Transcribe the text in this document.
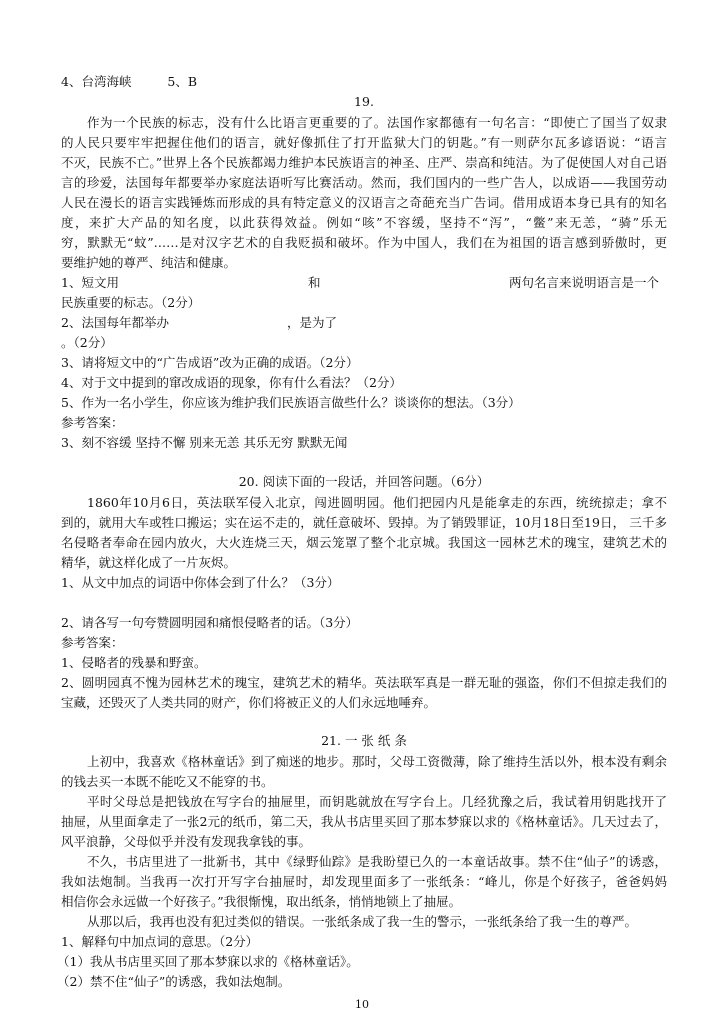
4、台湾海峡	5、B
19.
作为一个民族的标志，没有什么比语言更重要的了。法国作家都德有一句名言：“即使亡了国当了奴隶
的人民只要牢牢把握住他们的语言，就好像抓住了打开监狱大门的钥匙。”有一则萨尔瓦多谚语说：“语言
不灭，民族不亡。”世界上各个民族都竭力维护本民族语言的神圣、庄严、崇高和纯洁。为了促使国人对自己语
言的珍爱，法国每年都要举办家庭法语听写比赛活动。然而，我们国内的一些广告人，以成语——我国劳动
人民在漫长的语言实践锤炼而形成的具有特定意义的汉语言之奇葩充当广告词。借用成语本身已具有的知名
度，来扩大产品的知名度，以此获得效益。例如“咳”不容缓，坚持不“泻”，“鳖”来无恙，“骑”乐无
穷，默默无“蚊”……是对汉字艺术的自我贬损和破坏。作为中国人，我们在为祖国的语言感到骄傲时，更
要维护她的尊严、纯洁和健康。
1、短文用	和	两句名言来说明语言是一个
民族重要的标志。（2分）
2、法国每年都举办	，是为了
。（2分）
3、请将短文中的“广告成语”改为正确的成语。（2分）
4、对于文中提到的窜改成语的现象，你有什么看法？（2分）
5、作为一名小学生，你应该为维护我们民族语言做些什么？谈谈你的想法。（3分）
参考答案：
3、刻不容缓 坚持不懈 别来无恙 其乐无穷 默默无闻
20. 阅读下面的一段话，并回答问题。（6分）
1860年10月6日，英法联军侵入北京，闯进圆明园。他们把园内凡是能拿走的东西，统统掠走；拿不
到的，就用大车或牲口搬运；实在运不走的，就任意破坏、毁掉。为了销毁罪证，10月18日至19日， 三千多
名侵略者奉命在园内放火，大火连烧三天，烟云笼罩了整个北京城。我国这一园林艺术的瑰宝，建筑艺术的
精华，就这样化成了一片灰烬。
1、从文中加点的词语中你体会到了什么？（3分）
2、请各写一句夸赞圆明园和痛恨侵略者的话。（3分）
参考答案：
1、侵略者的残暴和野蛮。
2、圆明园真不愧为园林艺术的瑰宝，建筑艺术的精华。英法联军真是一群无耻的强盗，你们不但掠走我们的
宝藏，还毁灭了人类共同的财产，你们将被正义的人们永远地唾弃。
21. 一 张 纸 条
上初中，我喜欢《格林童话》到了痴迷的地步。那时，父母工资微薄，除了维持生活以外，根本没有剩余
的钱去买一本既不能吃又不能穿的书。
平时父母总是把钱放在写字台的抽屉里，而钥匙就放在写字台上。几经犹豫之后，我试着用钥匙找开了
抽屉，从里面拿走了一张2元的纸币，第二天，我从书店里买回了那本梦寐以求的《格林童话》。几天过去了，
风平浪静，父母似乎并没有发现我拿钱的事。
不久，书店里进了一批新书，其中《绿野仙踪》是我盼望已久的一本童话故事。禁不住“仙子”的诱惑，
我如法炮制。当我再一次打开写字台抽屉时，却发现里面多了一张纸条：“峰儿，你是个好孩子，爸爸妈妈
相信你会永远做一个好孩子。”我很惭愧，取出纸条，悄悄地锁上了抽屉。
从那以后，我再也没有犯过类似的错误。一张纸条成了我一生的警示，一张纸条给了我一生的尊严。
1、解释句中加点词的意思。（2分）
（1）我从书店里买回了那本梦寐以求的《格林童话》。
（2）禁不住“仙子”的诱惑，我如法炮制。
10
